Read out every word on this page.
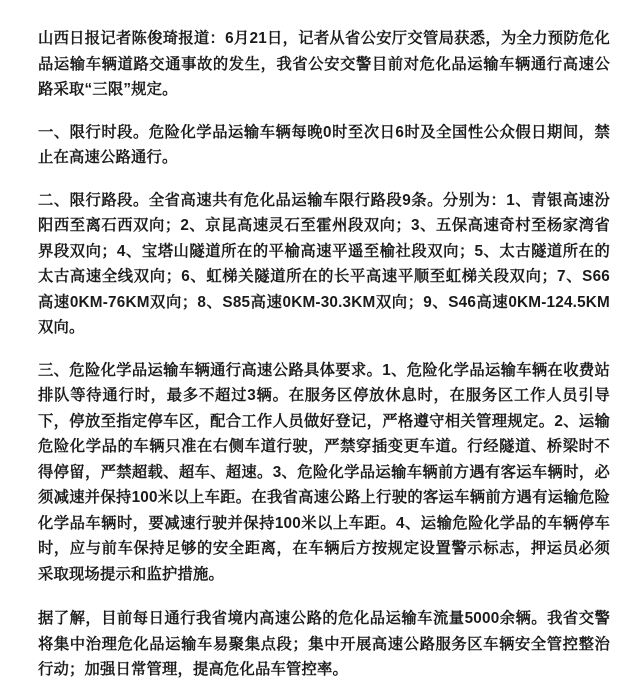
山西日报记者陈俊琦报道：6月21日，记者从省公安厅交管局获悉，为全力预防危化品运输车辆道路交通事故的发生，我省公安交警目前对危化品运输车辆通行高速公路采取“三限”规定。

一、限行时段。危险化学品运输车辆每晚0时至次日6时及全国性公众假日期间，禁止在高速公路通行。

二、限行路段。全省高速共有危化品运输车限行路段9条。分别为：1、青银高速汾阳西至离石西双向；2、京昆高速灵石至霍州段双向；3、五保高速奇村至杨家湾省界段双向；4、宝塔山隧道所在的平榆高速平遥至榆社段双向；5、太古隧道所在的太古高速全线双向；6、虹梯关隧道所在的长平高速平顺至虹梯关段双向；7、S66高速0KM-76KM双向；8、S85高速0KM-30.3KM双向；9、S46高速0KM-124.5KM双向。

三、危险化学品运输车辆通行高速公路具体要求。1、危险化学品运输车辆在收费站排队等待通行时，最多不超过3辆。在服务区停放休息时，在服务区工作人员引导下，停放至指定停车区，配合工作人员做好登记，严格遵守相关管理规定。2、运输危险化学品的车辆只准在右侧车道行驶，严禁穿插变更车道。行经隧道、桥梁时不得停留，严禁超载、超车、超速。3、危险化学品运输车辆前方遇有客运车辆时，必须减速并保持100米以上车距。在我省高速公路上行驶的客运车辆前方遇有运输危险化学品车辆时，要减速行驶并保持100米以上车距。4、运输危险化学品的车辆停车时，应与前车保持足够的安全距离，在车辆后方按规定设置警示标志，押运员必须采取现场提示和监护措施。

据了解，目前每日通行我省境内高速公路的危化品运输车流量5000余辆。我省交警将集中治理危化品运输车易聚集点段；集中开展高速公路服务区车辆安全管控整治行动；加强日常管理，提高危化品车管控率。
